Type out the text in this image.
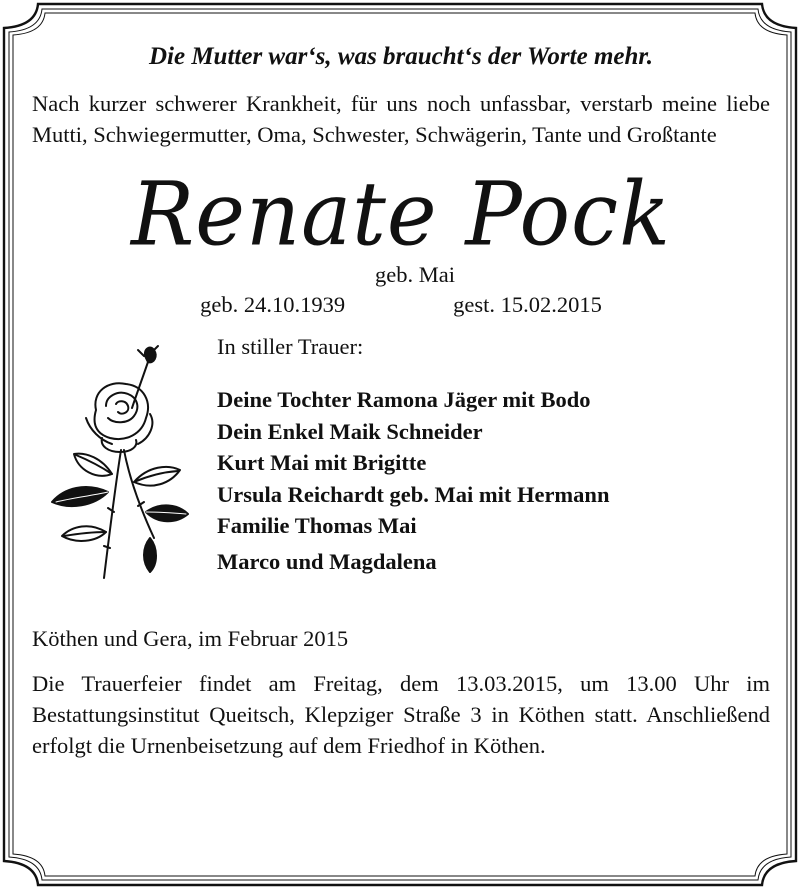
Die Mutter war‘s, was braucht‘s der Worte mehr.

Nach kurzer schwerer Krankheit, für uns noch unfassbar, verstarb meine liebe Mutti, Schwiegermutter, Oma, Schwester, Schwägerin, Tante und Großtante

Renate Pock

geb. Mai

geb. 24.10.1939	gest. 15.02.2015

In stiller Trauer:

Deine Tochter Ramona Jäger mit Bodo
Dein Enkel Maik Schneider
Kurt Mai mit Brigitte
Ursula Reichardt geb. Mai mit Hermann
Familie Thomas Mai
Marco und Magdalena

Köthen und Gera, im Februar 2015

Die Trauerfeier findet am Freitag, dem 13.03.2015, um 13.00 Uhr im Bestattungsinstitut Queitsch, Klepziger Straße 3 in Köthen statt. Anschließend erfolgt die Urnenbeisetzung auf dem Friedhof in Köthen.
